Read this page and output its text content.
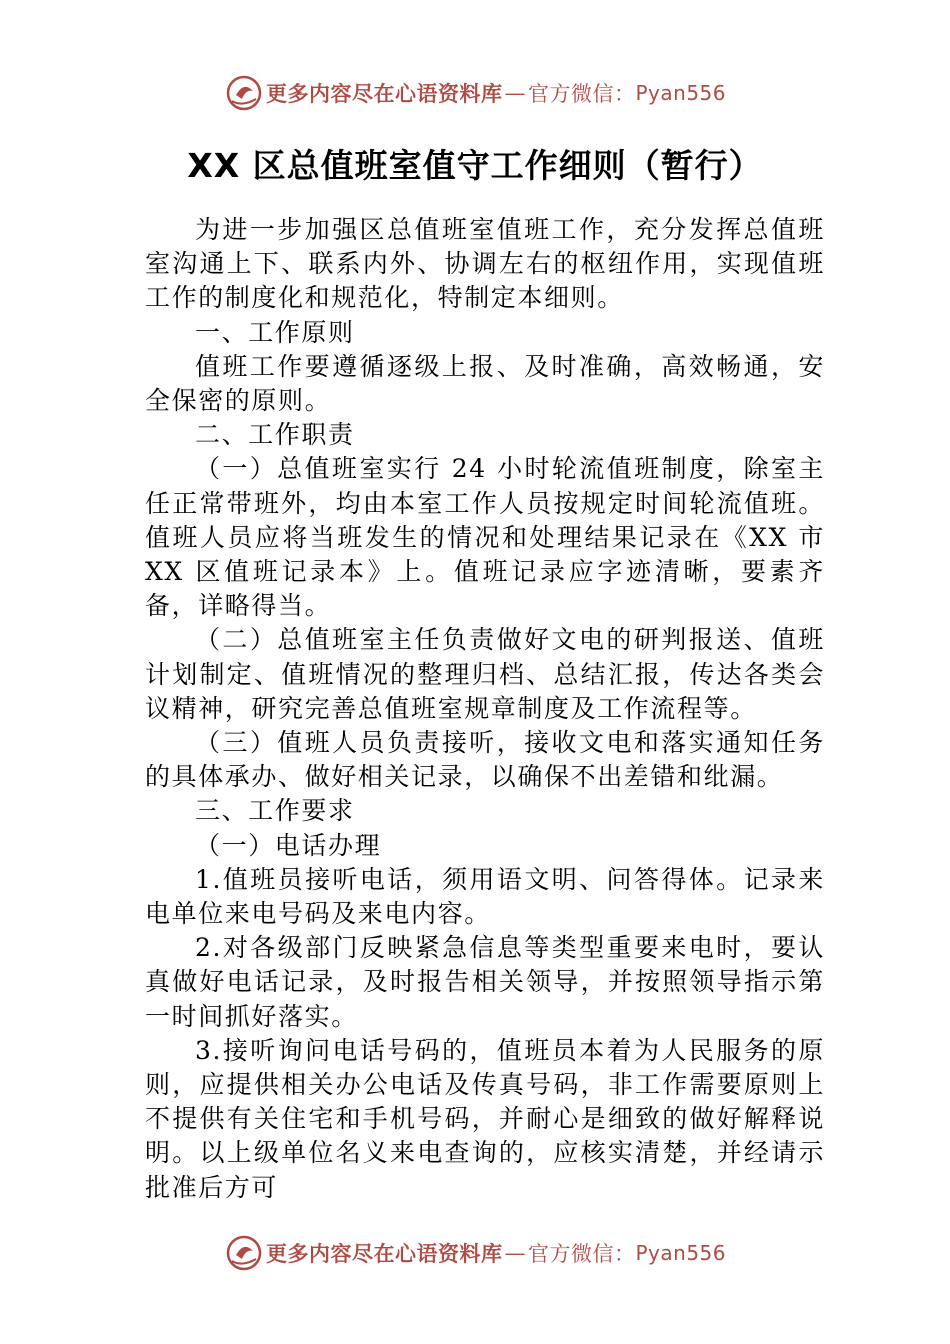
更多内容尽在心语资料库 — 官方微信： Pyan556
XX 区总值班室值守工作细则（暂行）

为进一步加强区总值班室值班工作，充分发挥总值班室沟通上下、联系内外、协调左右的枢纽作用，实现值班工作的制度化和规范化，特制定本细则。

一、工作原则

值班工作要遵循逐级上报、及时准确，高效畅通，安全保密的原则。

二、工作职责

（一）总值班室实行 24 小时轮流值班制度，除室主任正常带班外，均由本室工作人员按规定时间轮流值班。值班人员应将当班发生的情况和处理结果记录在《XX 市 XX 区值班记录本》上。值班记录应字迹清晰，要素齐备，详略得当。

（二）总值班室主任负责做好文电的研判报送、值班计划制定、值班情况的整理归档、总结汇报，传达各类会议精神，研究完善总值班室规章制度及工作流程等。

（三）值班人员负责接听，接收文电和落实通知任务的具体承办、做好相关记录，以确保不出差错和纰漏。

三、工作要求

（一）电话办理

1.值班员接听电话，须用语文明、问答得体。记录来电单位来电号码及来电内容。

2.对各级部门反映紧急信息等类型重要来电时，要认真做好电话记录，及时报告相关领导，并按照领导指示第一时间抓好落实。

3.接听询问电话号码的，值班员本着为人民服务的原则，应提供相关办公电话及传真号码，非工作需要原则上不提供有关住宅和手机号码，并耐心是细致的做好解释说明。以上级单位名义来电查询的，应核实清楚，并经请示批准后方可

更多内容尽在心语资料库 — 官方微信： Pyan556
